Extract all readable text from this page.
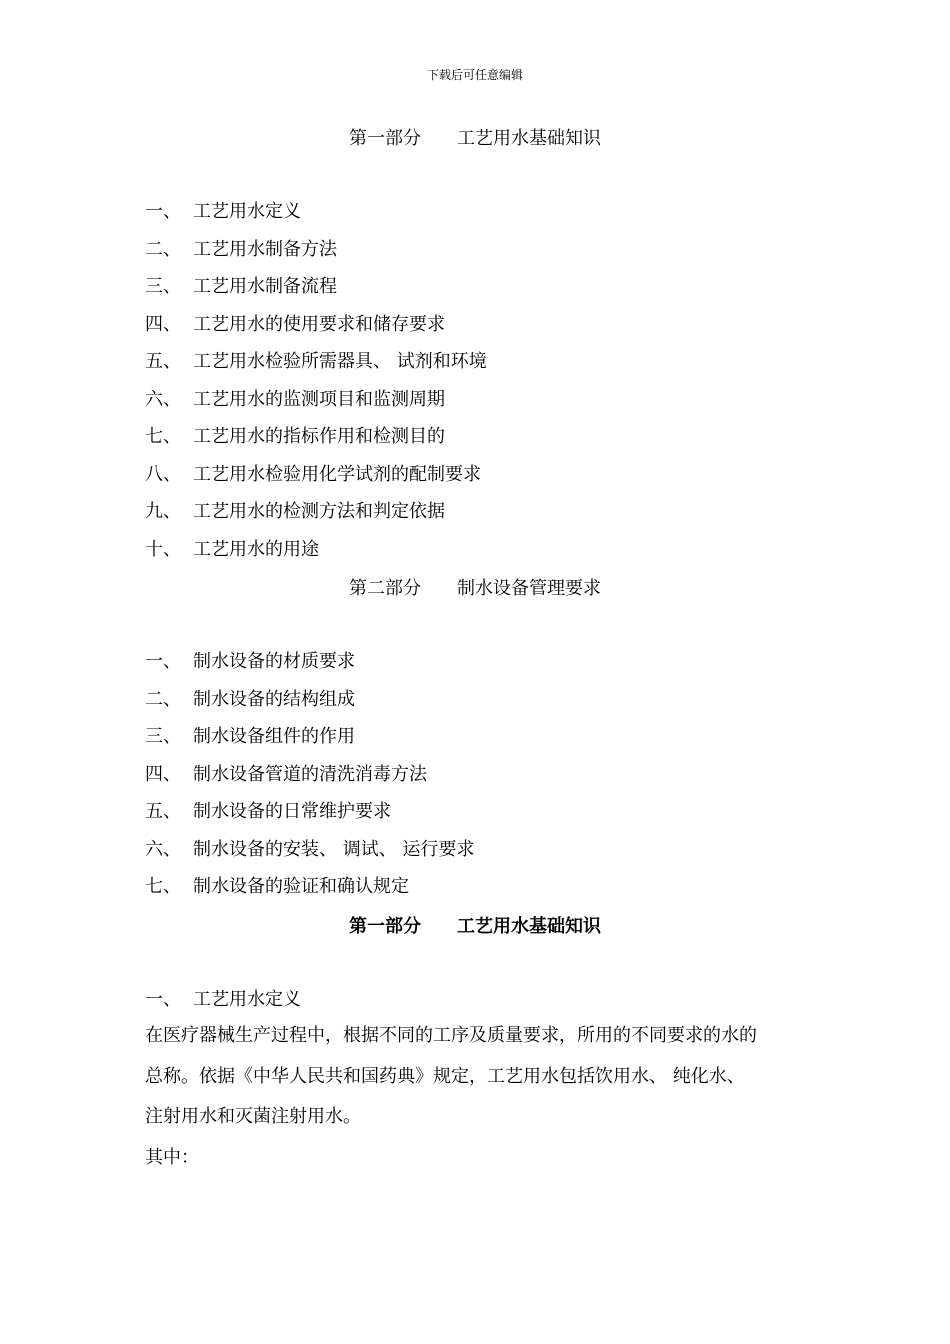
下载后可任意编辑
第一部分　　工艺用水基础知识
一、 工艺用水定义
二、 工艺用水制备方法
三、 工艺用水制备流程
四、 工艺用水的使用要求和储存要求
五、 工艺用水检验所需器具、 试剂和环境
六、 工艺用水的监测项目和监测周期
七、 工艺用水的指标作用和检测目的
八、 工艺用水检验用化学试剂的配制要求
九、 工艺用水的检测方法和判定依据
十、 工艺用水的用途
第二部分　　制水设备管理要求
一、 制水设备的材质要求
二、 制水设备的结构组成
三、 制水设备组件的作用
四、 制水设备管道的清洗消毒方法
五、 制水设备的日常维护要求
六、 制水设备的安装、 调试、 运行要求
七、 制水设备的验证和确认规定
第一部分　　工艺用水基础知识
一、 工艺用水定义

在医疗器械生产过程中，根据不同的工序及质量要求，所用的不同要求的水的
总称。依据《中华人民共和国药典》规定，工艺用水包括饮用水、 纯化水、
注射用水和灭菌注射用水。
其中：
